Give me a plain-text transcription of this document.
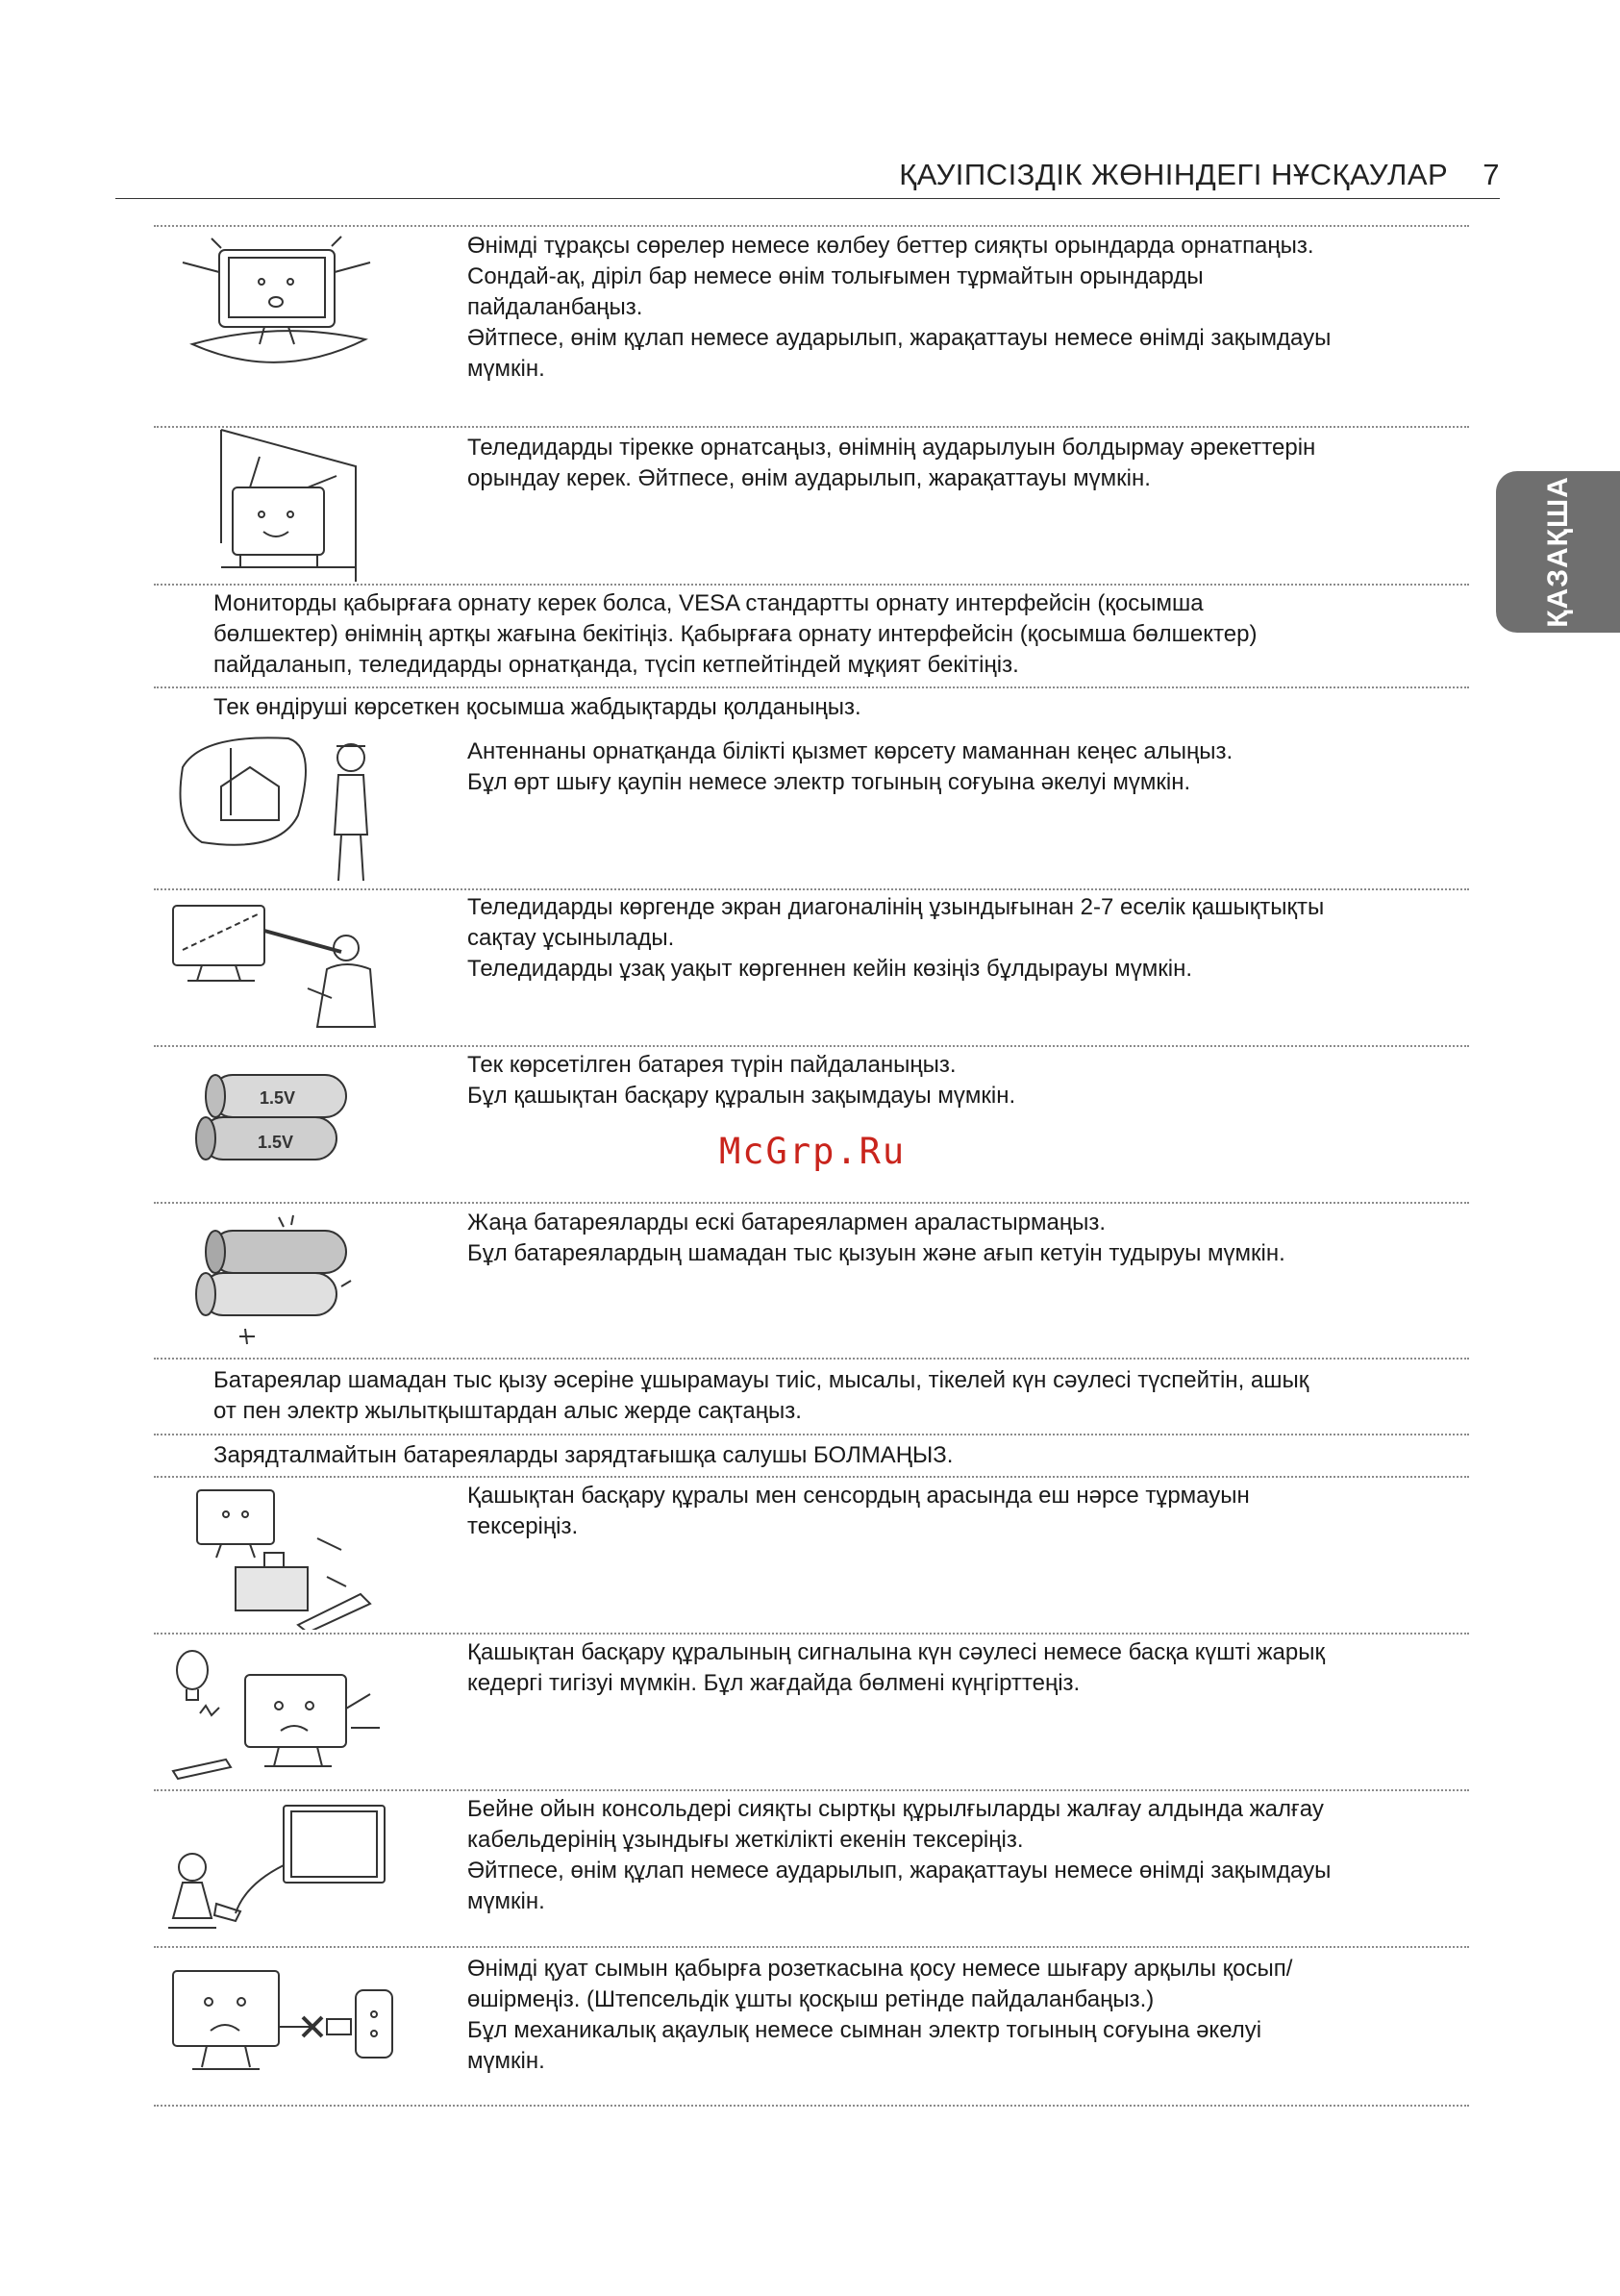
ҚАУІПСІЗДІК ЖӨНІНДЕГІ НҰСҚАУЛАР 7
ҚАЗАҚША

Өнімді тұрақсы сөрелер немесе көлбеу беттер сияқты орындарда орнатпаңыз.

Сондай-ақ, діріл бар немесе өнім толығымен тұрмайтын орындарды

пайдаланбаңыз.

Әйтпесе, өнім құлап немесе аударылып, жарақаттауы немесе өнімді зақымдауы

мүмкін.

Теледидарды тірекке орнатсаңыз, өнімнің аударылуын болдырмау әрекеттерін

орындау керек. Әйтпесе, өнім аударылып, жарақаттауы мүмкін.

Мониторды қабырғаға орнату керек болса, VESA стандартты орнату интерфейсін (қосымша

бөлшектер) өнімнің артқы жағына бекітіңіз. Қабырғаға орнату интерфейсін (қосымша бөлшектер)

пайдаланып, теледидарды орнатқанда, түсіп кетпейтіндей мұқият бекітіңіз.

Тек өндіруші көрсеткен қосымша жабдықтарды қолданыңыз.

Антеннаны орнатқанда білікті қызмет көрсету маманнан кеңес алыңыз.

Бұл өрт шығу қаупін немесе электр тогының соғуына әкелуі мүмкін.

Теледидарды көргенде экран диагоналінің ұзындығынан 2-7 еселік қашықтықты

сақтау ұсынылады.

Теледидарды ұзақ уақыт көргеннен кейін көзіңіз бұлдырауы мүмкін.

1.5V
1.5V

Тек көрсетілген батарея түрін пайдаланыңыз.

Бұл қашықтан басқару құралын зақымдауы мүмкін.

McGrp.Ru

Жаңа батареяларды ескі батареялармен араластырмаңыз.

Бұл батареялардың шамадан тыс қызуын және ағып кетуін тудыруы мүмкін.

Батареялар шамадан тыс қызу әсеріне ұшырамауы тиіс, мысалы, тікелей күн сәулесі түспейтін, ашық

от пен электр жылытқыштардан алыс жерде сақтаңыз.

Зарядталмайтын батареяларды зарядтағышқа салушы БОЛМАҢЫЗ.

Қашықтан басқару құралы мен сенсордың арасында еш нәрсе тұрмауын

тексеріңіз.

Қашықтан басқару құралының сигналына күн сәулесі немесе басқа күшті жарық

кедергі тигізуі мүмкін. Бұл жағдайда бөлмені күңгірттеңіз.

Бейне ойын консольдері сияқты сыртқы құрылғыларды жалғау алдында жалғау

кабельдерінің ұзындығы жеткілікті екенін тексеріңіз.

Әйтпесе, өнім құлап немесе аударылып, жарақаттауы немесе өнімді зақымдауы

мүмкін.

Өнімді қуат сымын қабырға розеткасына қосу немесе шығару арқылы қосып/

өшірмеңіз. (Штепсельдік ұшты қосқыш ретінде пайдаланбаңыз.)

Бұл механикалық ақаулық немесе сымнан электр тогының соғуына әкелуі

мүмкін.
